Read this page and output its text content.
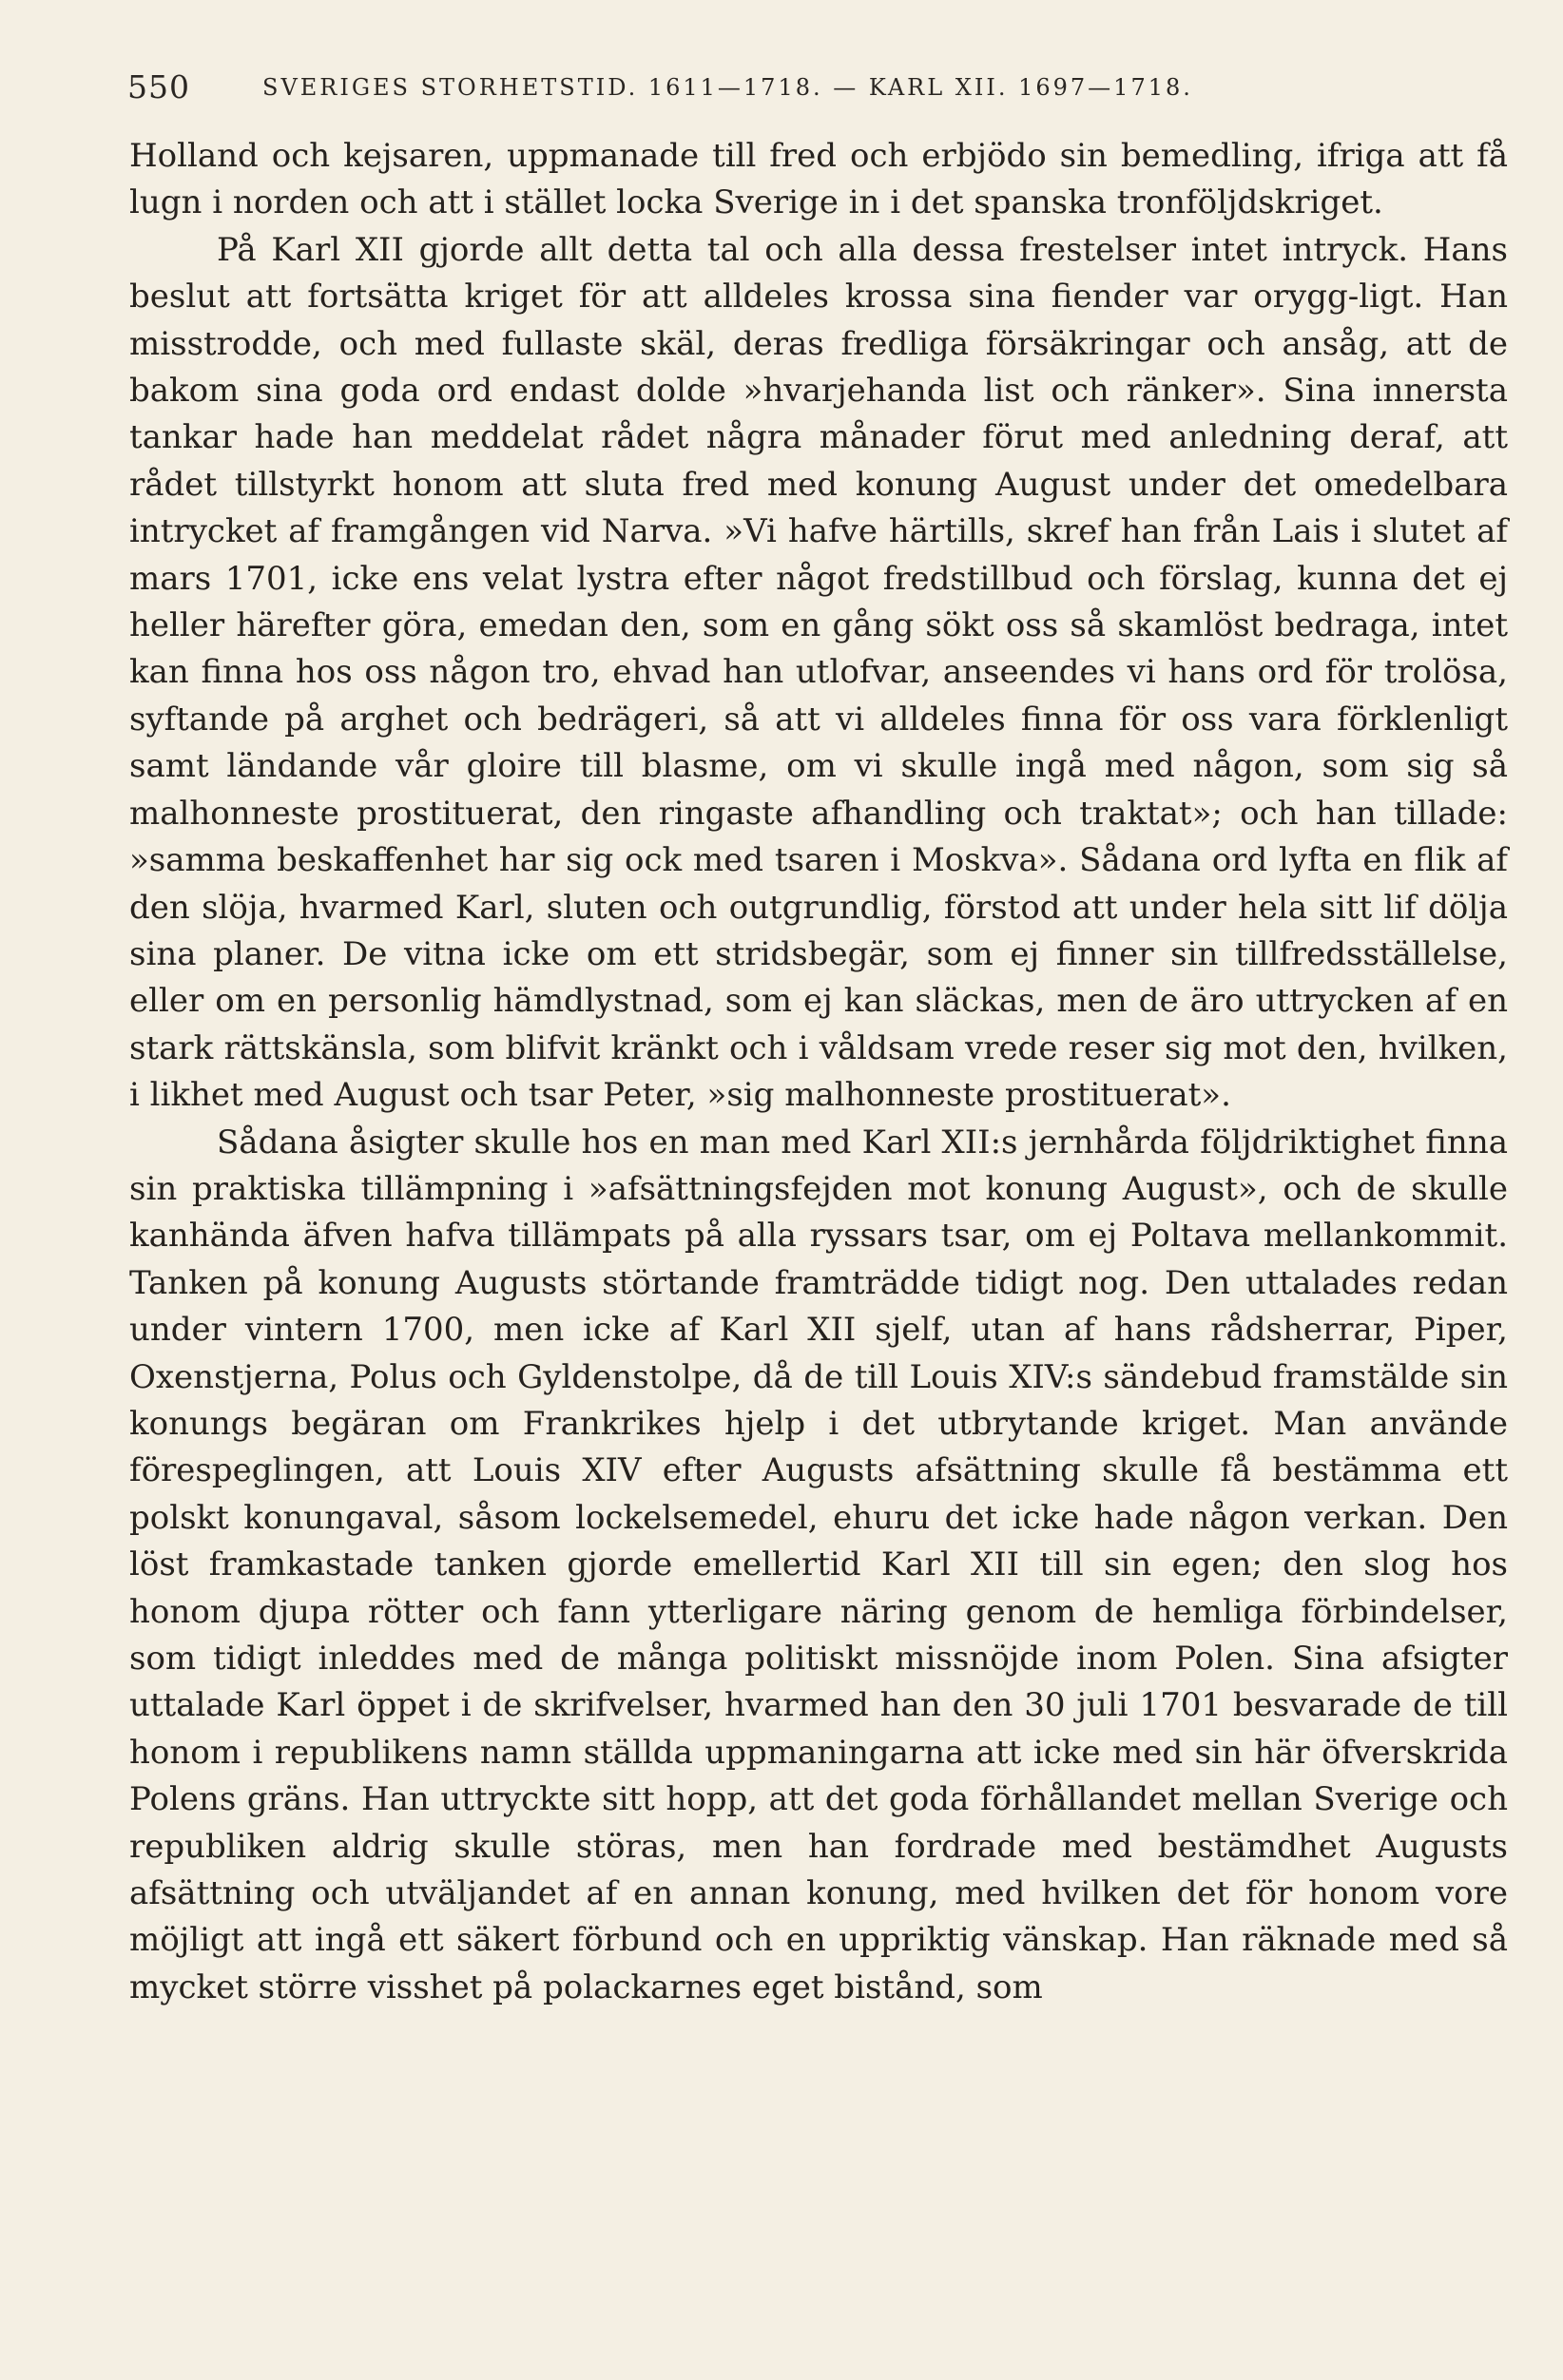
550	SVERIGES STORHETSTID. 1611—1718. — KARL XII. 1697—1718.

Holland och kejsaren, uppmanade till fred och erbjödo sin bemedling, ifriga att få lugn i norden och att i stället locka Sverige in i det spanska tronföljdskriget.

På Karl XII gjorde allt detta tal och alla dessa frestelser intet intryck. Hans beslut att fortsätta kriget för att alldeles krossa sina fiender var orygg-ligt. Han misstrodde, och med fullaste skäl, deras fredliga försäkringar och ansåg, att de bakom sina goda ord endast dolde »hvarjehanda list och ränker». Sina innersta tankar hade han meddelat rådet några månader förut med anledning deraf, att rådet tillstyrkt honom att sluta fred med konung August under det omedelbara intrycket af framgången vid Narva. »Vi hafve härtills, skref han från Lais i slutet af mars 1701, icke ens velat lystra efter något fredstillbud och förslag, kunna det ej heller härefter göra, emedan den, som en gång sökt oss så skamlöst bedraga, intet kan finna hos oss någon tro, ehvad han utlofvar, anseendes vi hans ord för trolösa, syftande på arghet och bedrägeri, så att vi alldeles finna för oss vara förklenligt samt ländande vår gloire till blasme, om vi skulle ingå med någon, som sig så malhonneste prostituerat, den ringaste afhandling och traktat»; och han tillade: »samma beskaffenhet har sig ock med tsaren i Moskva». Sådana ord lyfta en flik af den slöja, hvarmed Karl, sluten och outgrundlig, förstod att under hela sitt lif dölja sina planer. De vitna icke om ett stridsbegär, som ej finner sin tillfredsställelse, eller om en personlig hämdlystnad, som ej kan släckas, men de äro uttrycken af en stark rättskänsla, som blifvit kränkt och i våldsam vrede reser sig mot den, hvilken, i likhet med August och tsar Peter, »sig malhonneste prostituerat».

Sådana åsigter skulle hos en man med Karl XII:s jernhårda följdriktighet finna sin praktiska tillämpning i »afsättningsfejden mot konung August», och de skulle kanhända äfven hafva tillämpats på alla ryssars tsar, om ej Poltava mellankommit. Tanken på konung Augusts störtande framträdde tidigt nog. Den uttalades redan under vintern 1700, men icke af Karl XII sjelf, utan af hans rådsherrar, Piper, Oxenstjerna, Polus och Gyldenstolpe, då de till Louis XIV:s sändebud framstälde sin konungs begäran om Frankrikes hjelp i det utbrytande kriget. Man använde förespeglingen, att Louis XIV efter Augusts afsättning skulle få bestämma ett polskt konungaval, såsom lockelsemedel, ehuru det icke hade någon verkan. Den löst framkastade tanken gjorde emellertid Karl XII till sin egen; den slog hos honom djupa rötter och fann ytterligare näring genom de hemliga förbindelser, som tidigt inleddes med de många politiskt missnöjde inom Polen. Sina afsigter uttalade Karl öppet i de skrifvelser, hvarmed han den 30 juli 1701 besvarade de till honom i republikens namn ställda uppmaningarna att icke med sin här öfverskrida Polens gräns. Han uttryckte sitt hopp, att det goda förhållandet mellan Sverige och republiken aldrig skulle störas, men han fordrade med bestämdhet Augusts afsättning och utväljandet af en annan konung, med hvilken det för honom vore möjligt att ingå ett säkert förbund och en uppriktig vänskap. Han räknade med så mycket större visshet på polackarnes eget bistånd, som
